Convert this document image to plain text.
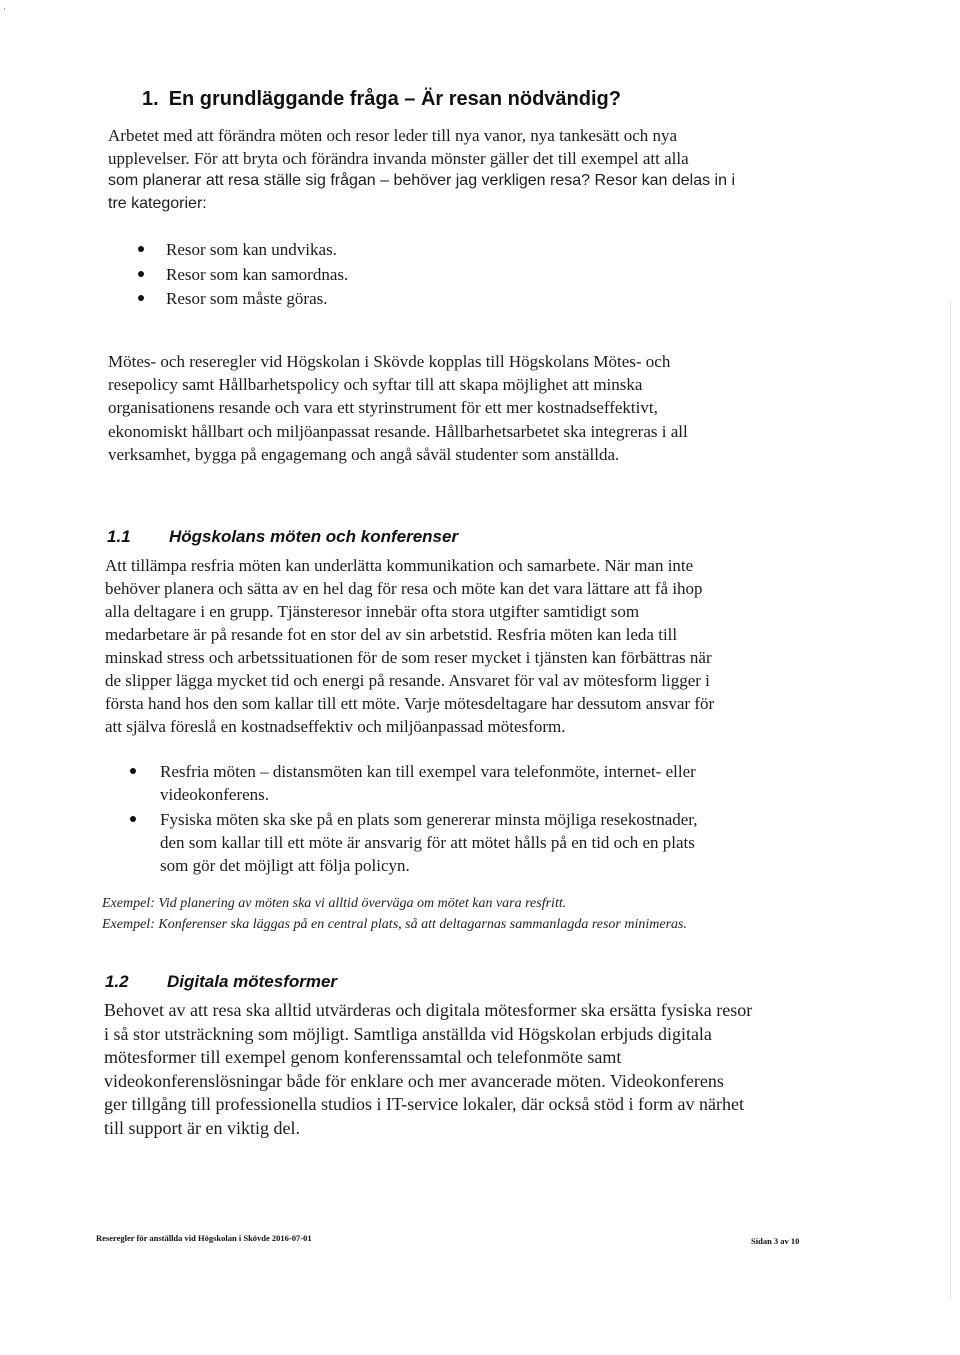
1. En grundläggande fråga – Är resan nödvändig?

Arbetet med att förändra möten och resor leder till nya vanor, nya tankesätt och nya
upplevelser. För att bryta och förändra invanda mönster gäller det till exempel att alla
som planerar att resa ställe sig frågan – behöver jag verkligen resa? Resor kan delas in i
tre kategorier:

Resor som kan undvikas.
Resor som kan samordnas.
Resor som måste göras.

Mötes- och reseregler vid Högskolan i Skövde kopplas till Högskolans Mötes- och
resepolicy samt Hållbarhetspolicy och syftar till att skapa möjlighet att minska
organisationens resande och vara ett styrinstrument för ett mer kostnadseffektivt,
ekonomiskt hållbart och miljöanpassat resande. Hållbarhetsarbetet ska integreras i all
verksamhet, bygga på engagemang och angå såväl studenter som anställda.

1.1 Högskolans möten och konferenser

Att tillämpa resfria möten kan underlätta kommunikation och samarbete. När man inte
behöver planera och sätta av en hel dag för resa och möte kan det vara lättare att få ihop
alla deltagare i en grupp. Tjänsteresor innebär ofta stora utgifter samtidigt som
medarbetare är på resande fot en stor del av sin arbetstid. Resfria möten kan leda till
minskad stress och arbetssituationen för de som reser mycket i tjänsten kan förbättras när
de slipper lägga mycket tid och energi på resande. Ansvaret för val av mötesform ligger i
första hand hos den som kallar till ett möte. Varje mötesdeltagare har dessutom ansvar för
att själva föreslå en kostnadseffektiv och miljöanpassad mötesform.

Resfria möten – distansmöten kan till exempel vara telefonmöte, internet- eller
videokonferens.
Fysiska möten ska ske på en plats som genererar minsta möjliga resekostnader,
den som kallar till ett möte är ansvarig för att mötet hålls på en tid och en plats
som gör det möjligt att följa policyn.

Exempel: Vid planering av möten ska vi alltid överväga om mötet kan vara resfritt.

Exempel: Konferenser ska läggas på en central plats, så att deltagarnas sammanlagda resor minimeras.

1.2 Digitala mötesformer

Behovet av att resa ska alltid utvärderas och digitala mötesformer ska ersätta fysiska resor
i så stor utsträckning som möjligt. Samtliga anställda vid Högskolan erbjuds digitala
mötesformer till exempel genom konferenssamtal och telefonmöte samt
videokonferenslösningar både för enklare och mer avancerade möten. Videokonferens
ger tillgång till professionella studios i IT-service lokaler, där också stöd i form av närhet
till support är en viktig del.

Reseregler för anställda vid Högskolan i Skövde 2016-07-01	Sidan 3 av 10
